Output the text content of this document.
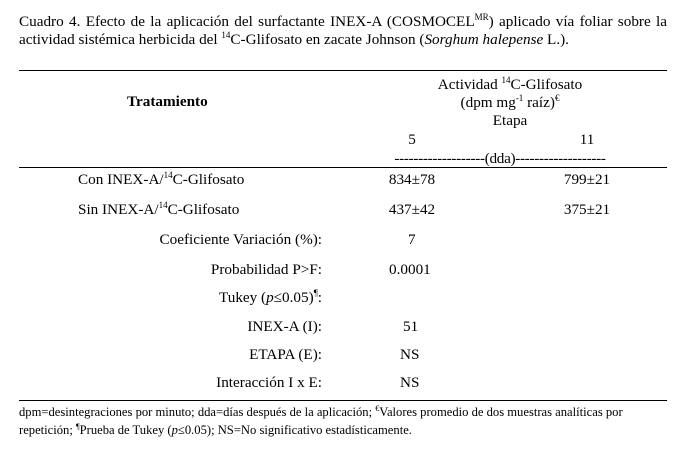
Cuadro 4. Efecto de la aplicación del surfactante INEX-A $(COSMOCEL^{MR})$ aplicado vía foliar sobre la actividad sistémica herbicida del $^{14}$C-Glifosato en zacate Johnson (Sorghum halepense L.).
Tratamiento
Actividad $^{14}$C-Glifosato
(dpm $mg^{-1}$ raíz)€
Etapa
5	11
-------------------(dda)-------------------
Con INEX-A/$^{14}$C-Glifosato	834±78	799±21
Sin INEX-A/$^{14}$C-Glifosato	437±42	375±21
Coeficiente Variación (%):	7
Probabilidad P>F:	0.0001
Tukey (p≤0.05)¶:
INEX-A (I):	51
ETAPA (E):	NS
Interacción I x E:	NS
dpm=desintegraciones por minuto; dda=días después de la aplicación; €Valores promedio de dos muestras analíticas por repetición; ¶Prueba de Tukey (p≤0.05); NS=No significativo estadísticamente.
